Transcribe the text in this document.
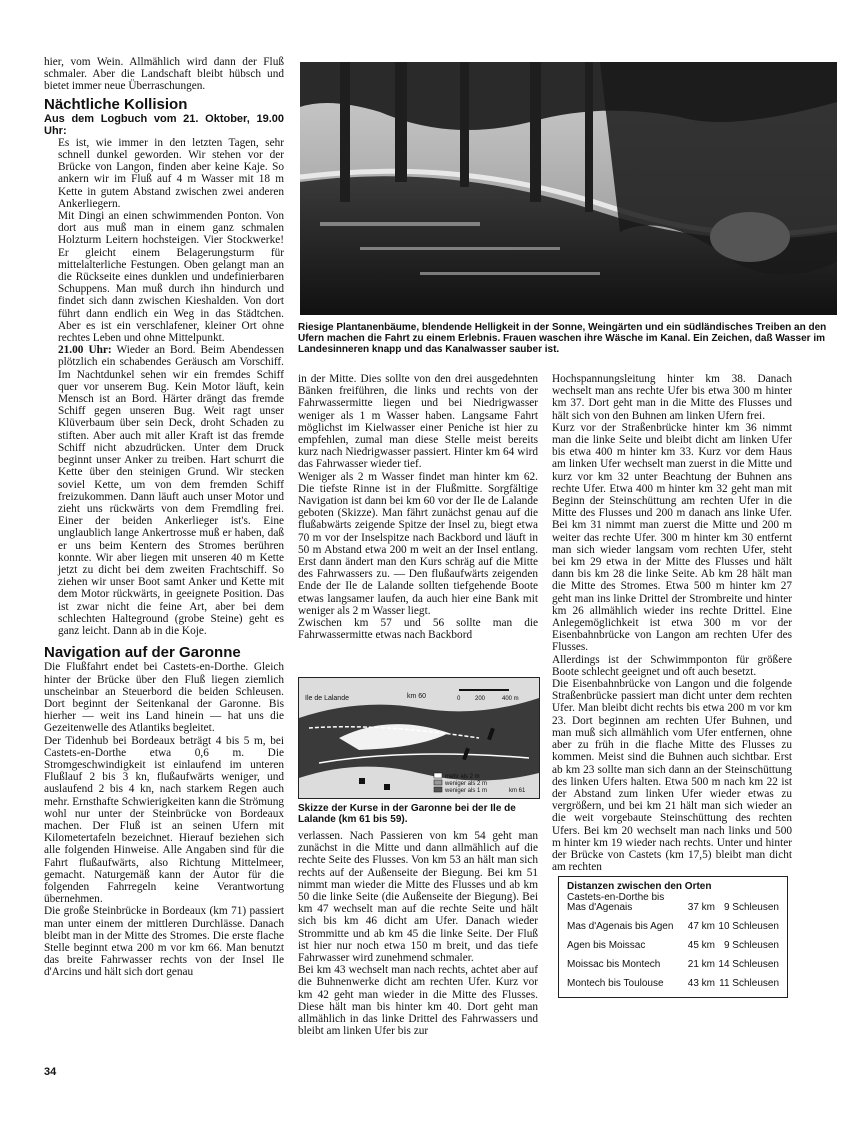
hier, vom Wein. Allmählich wird dann der Fluß schmaler. Aber die Landschaft bleibt hübsch und bietet immer neue Überraschungen.

Nächtliche Kollision

Aus dem Logbuch vom 21. Oktober, 19.00 Uhr:

Es ist, wie immer in den letzten Tagen, sehr schnell dunkel geworden. Wir stehen vor der Brücke von Langon, finden aber keine Kaje. So ankern wir im Fluß auf 4 m Wasser mit 18 m Kette in gutem Abstand zwischen zwei anderen Ankerliegern.

Mit Dingi an einen schwimmenden Ponton. Von dort aus muß man in einem ganz schmalen Holzturm Leitern hochsteigen. Vier Stockwerke! Er gleicht einem Belagerungsturm für mittelalterliche Festungen. Oben gelangt man an die Rückseite eines dunklen und undefinierbaren Schuppens. Man muß durch ihn hindurch und findet sich dann zwischen Kieshalden. Von dort führt dann endlich ein Weg in das Städtchen. Aber es ist ein verschlafener, kleiner Ort ohne rechtes Leben und ohne Mittelpunkt.

21.00 Uhr: Wieder an Bord. Beim Abendessen plötzlich ein schabendes Geräusch am Vorschiff. Im Nachtdunkel sehen wir ein fremdes Schiff quer vor unserem Bug. Kein Motor läuft, kein Mensch ist an Bord. Härter drängt das fremde Schiff gegen unseren Bug. Weit ragt unser Klüverbaum über sein Deck, droht Schaden zu stiften. Aber auch mit aller Kraft ist das fremde Schiff nicht abzudrücken. Unter dem Druck beginnt unser Anker zu treiben. Hart schurrt die Kette über den steinigen Grund. Wir stecken soviel Kette, um von dem fremden Schiff freizukommen. Dann läuft auch unser Motor und zieht uns rückwärts von dem Fremdling frei. Einer der beiden Ankerlieger ist's. Eine unglaublich lange Ankertrosse muß er haben, daß er uns beim Kentern des Stromes berühren konnte. Wir aber liegen mit unseren 40 m Kette jetzt zu dicht bei dem zweiten Frachtschiff. So ziehen wir unser Boot samt Anker und Kette mit dem Motor rückwärts, in geeignete Position. Das ist zwar nicht die feine Art, aber bei dem schlechten Halteground (grobe Steine) geht es ganz leicht. Dann ab in die Koje.

Navigation auf der Garonne

Die Flußfahrt endet bei Castets-en-Dorthe. Gleich hinter der Brücke über den Fluß liegen ziemlich unscheinbar an Steuerbord die beiden Schleusen. Dort beginnt der Seitenkanal der Garonne. Bis hierher — weit ins Land hinein — hat uns die Gezeitenwelle des Atlantiks begleitet.

Der Tidenhub bei Bordeaux beträgt 4 bis 5 m, bei Castets-en-Dorthe etwa 0,6 m. Die Stromgeschwindigkeit ist einlaufend im unteren Flußlauf 2 bis 3 kn, flußaufwärts weniger, und auslaufend 2 bis 4 kn, nach starkem Regen auch mehr. Ernsthafte Schwierigkeiten kann die Strömung wohl nur unter der Steinbrücke von Bordeaux machen. Der Fluß ist an seinen Ufern mit Kilometertafeln bezeichnet. Hierauf beziehen sich alle folgenden Hinweise. Alle Angaben sind für die Fahrt flußaufwärts, also Richtung Mittelmeer, gemacht. Naturgemäß kann der Autor für die folgenden Fahrregeln keine Verantwortung übernehmen.

Die große Steinbrücke in Bordeaux (km 71) passiert man unter einem der mittleren Durchlässe. Danach bleibt man in der Mitte des Stromes. Die erste flache Stelle beginnt etwa 200 m vor km 66. Man benutzt das breite Fahrwasser rechts von der Insel Ile d'Arcins und hält sich dort genau

Riesige Plantanenbäume, blendende Helligkeit in der Sonne, Weingärten und ein südländisches Treiben an den Ufern machen die Fahrt zu einem Erlebnis. Frauen waschen ihre Wäsche im Kanal. Ein Zeichen, daß Wasser im Landesinneren knapp und das Kanalwasser sauber ist.

in der Mitte. Dies sollte von den drei ausgedehnten Bänken freiführen, die links und rechts von der Fahrwassermitte liegen und bei Niedrigwasser weniger als 1 m Wasser haben. Langsame Fahrt möglichst im Kielwasser einer Peniche ist hier zu empfehlen, zumal man diese Stelle meist bereits kurz nach Niedrigwasser passiert. Hinter km 64 wird das Fahrwasser wieder tief.

Weniger als 2 m Wasser findet man hinter km 62. Die tiefste Rinne ist in der Flußmitte. Sorgfältige Navigation ist dann bei km 60 vor der Ile de Lalande geboten (Skizze). Man fährt zunächst genau auf die flußabwärts zeigende Spitze der Insel zu, biegt etwa 70 m vor der Inselspitze nach Backbord und läuft in 50 m Abstand etwa 200 m weit an der Insel entlang. Erst dann ändert man den Kurs schräg auf die Mitte des Fahrwassers zu. — Den flußaufwärts zeigenden Ende der Ile de Lalande sollten tiefgehende Boote etwas langsamer laufen, da auch hier eine Bank mit weniger als 2 m Wasser liegt.

Zwischen km 57 und 56 sollte man die Fahrwassermitte etwas nach Backbord

Ile de Lalande	km 60	0 200	400 m
mehr als 2 m
weniger als 2 m
weniger als 1 m	km 61
Skizze der Kurse in der Garonne bei der Ile de Lalande (km 61 bis 59).

verlassen. Nach Passieren von km 54 geht man zunächst in die Mitte und dann allmählich auf die rechte Seite des Flusses. Von km 53 an hält man sich rechts auf der Außenseite der Biegung. Bei km 51 nimmt man wieder die Mitte des Flusses und ab km 50 die linke Seite (die Außenseite der Biegung). Bei km 47 wechselt man auf die rechte Seite und hält sich bis km 46 dicht am Ufer. Danach wieder Strommitte und ab km 45 die linke Seite. Der Fluß ist hier nur noch etwa 150 m breit, und das tiefe Fahrwasser wird zunehmend schmaler.

Bei km 43 wechselt man nach rechts, achtet aber auf die Buhnenwerke dicht am rechten Ufer. Kurz vor km 42 geht man wieder in die Mitte des Flusses. Diese hält man bis hinter km 40. Dort geht man allmählich in das linke Drittel des Fahrwassers und bleibt am linken Ufer bis zur

Hochspannungsleitung hinter km 38. Danach wechselt man ans rechte Ufer bis etwa 300 m hinter km 37. Dort geht man in die Mitte des Flusses und hält sich von den Buhnen am linken Ufern frei.

Kurz vor der Straßenbrücke hinter km 36 nimmt man die linke Seite und bleibt dicht am linken Ufer bis etwa 400 m hinter km 33. Kurz vor dem Haus am linken Ufer wechselt man zuerst in die Mitte und kurz vor km 32 unter Beachtung der Buhnen ans rechte Ufer. Etwa 400 m hinter km 32 geht man mit Beginn der Steinschüttung am rechten Ufer in die Mitte des Flusses und 200 m danach ans linke Ufer. Bei km 31 nimmt man zuerst die Mitte und 200 m weiter das rechte Ufer. 300 m hinter km 30 entfernt man sich wieder langsam vom rechten Ufer, steht bei km 29 etwa in der Mitte des Flusses und hält dann bis km 28 die linke Seite. Ab km 28 hält man die Mitte des Stromes. Etwa 500 m hinter km 27 geht man ins linke Drittel der Strombreite und hinter km 26 allmählich wieder ins rechte Drittel. Eine Anlegemöglichkeit ist etwa 300 m vor der Eisenbahnbrücke von Langon am rechten Ufer des Flusses.

Allerdings ist der Schwimmponton für größere Boote schlecht geeignet und oft auch besetzt.

Die Eisenbahnbrücke von Langon und die folgende Straßenbrücke passiert man dicht unter dem rechten Ufer. Man bleibt dicht rechts bis etwa 200 m vor km 23. Dort beginnen am rechten Ufer Buhnen, und man muß sich allmählich vom Ufer entfernen, ohne aber zu früh in die flache Mitte des Flusses zu kommen. Meist sind die Buhnen auch sichtbar. Erst ab km 23 sollte man sich dann an der Steinschüttung des linken Ufers halten. Etwa 500 m nach km 22 ist der Abstand zum linken Ufer wieder etwas zu vergrößern, und bei km 21 hält man sich wieder an die weit vorgebaute Steinschüttung des rechten Ufers. Bei km 20 wechselt man nach links und 500 m hinter km 19 wieder nach rechts. Unter und hinter der Brücke von Castets (km 17,5) bleibt man dicht am rechten

Distanzen zwischen den Orten
Castets-en-Dorthe bis Mas d'Agenais	37 km 9 Schleusen
Mas d'Agenais bis Agen	47 km 10 Schleusen
Agen bis Moissac	45 km 9 Schleusen
Moissac bis Montech	21 km 14 Schleusen
Montech bis Toulouse	43 km 11 Schleusen
34
